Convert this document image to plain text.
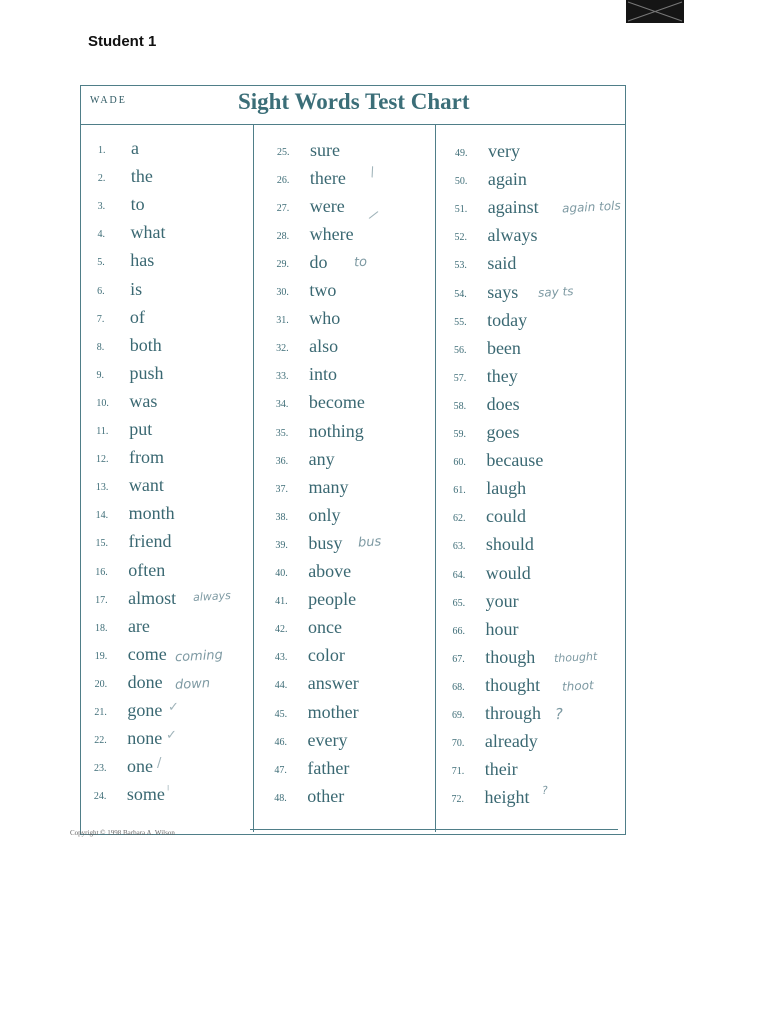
Student 1
WADE	Sight Words Test Chart
Copyright © 1998 Barbara A. Wilson
1.	a
2.	the
3.	to
4.	what
5.	has
6.	is
7.	of
8.	both
9.	push
10.	was
11.	put
12.	from
13.	want
14.	month
15.	friend
16.	often
17.	almost
18.	are
19.	come
20.	done
21.	gone
22.	none
23.	one
24.	some
25.	sure
26.	there
27.	were
28.	where
29.	do
30.	two
31.	who
32.	also
33.	into
34.	become
35.	nothing
36.	any
37.	many
38.	only
39.	busy
40.	above
41.	people
42.	once
43.	color
44.	answer
45.	mother
46.	every
47.	father
48.	other
49.	very
50.	again
51.	against
52.	always
53.	said
54.	says
55.	today
56.	been
57.	they
58.	does
59.	goes
60.	because
61.	laugh
62.	could
63.	should
64.	would
65.	your
66.	hour
67.	though
68.	thought
69.	through
70.	already
71.	their
72.	height
always
coming
down
✓
✓
/
ˡ
to
bus
\
/	again tols
say ts
thought
thoot
?
?
